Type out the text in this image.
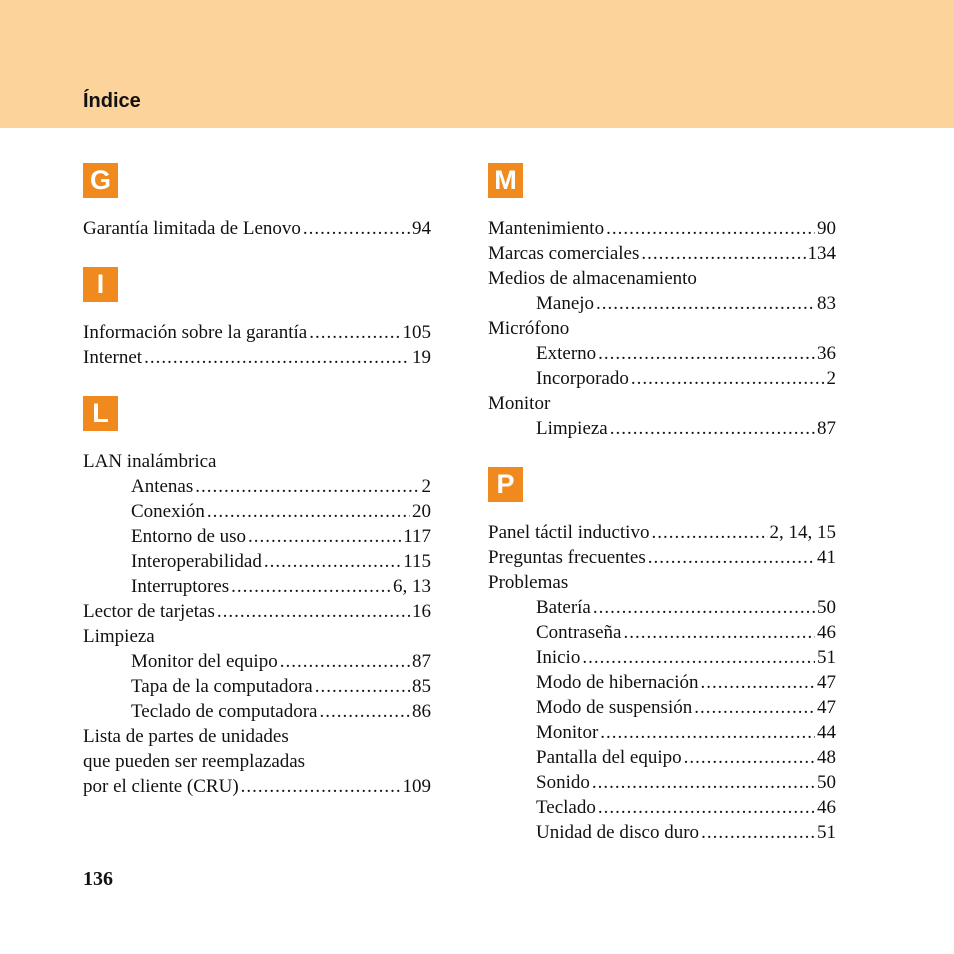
Índice
G
Garantía limitada de Lenovo .....	94
I
Información sobre la garantía .....	105
Internet .....	19
L
LAN inalámbrica
Antenas .....	2
Conexión .....	20
Entorno de uso .....	117
Interoperabilidad .....	115
Interruptores .....	6, 13
Lector de tarjetas .....	16
Limpieza
Monitor del equipo .....	87
Tapa de la computadora .....	85
Teclado de computadora .....	86
Lista de partes de unidades
que pueden ser reemplazadas
por el cliente (CRU) .....	109
M
Mantenimiento .....	90
Marcas comerciales .....	134
Medios de almacenamiento
Manejo .....	83
Micrófono
Externo .....	36
Incorporado .....	2
Monitor
Limpieza .....	87
P
Panel táctil inductivo .....	2, 14, 15
Preguntas frecuentes .....	41
Problemas
Batería .....	50
Contraseña .....	46
Inicio .....	51
Modo de hibernación .....	47
Modo de suspensión .....	47
Monitor .....	44
Pantalla del equipo .....	48
Sonido .....	50
Teclado .....	46
Unidad de disco duro .....	51
136
